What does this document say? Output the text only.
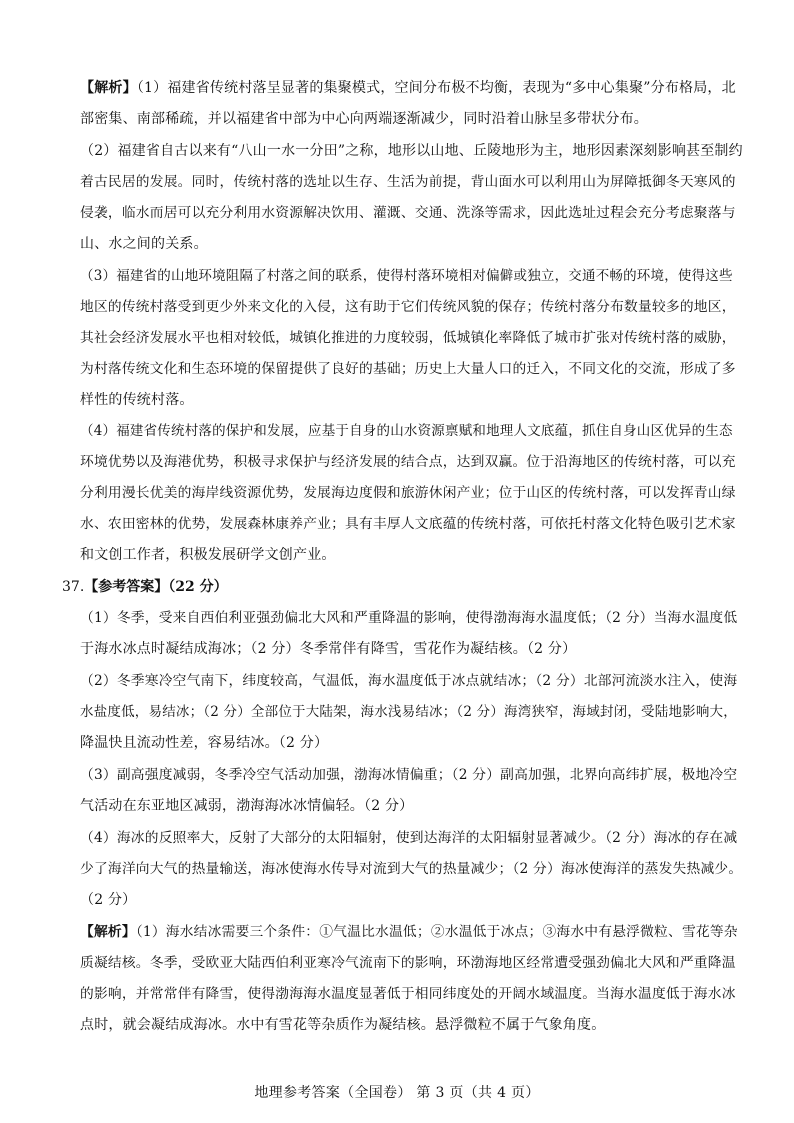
【解析】（1）福建省传统村落呈显著的集聚模式，空间分布极不均衡，表现为“多中心集聚”分布格局，北
部密集、南部稀疏，并以福建省中部为中心向两端逐渐减少，同时沿着山脉呈多带状分布。
（2）福建省自古以来有“八山一水一分田”之称，地形以山地、丘陵地形为主，地形因素深刻影响甚至制约
着古民居的发展。同时，传统村落的选址以生存、生活为前提，背山面水可以利用山为屏障抵御冬天寒风的
侵袭，临水而居可以充分利用水资源解决饮用、灌溉、交通、洗涤等需求，因此选址过程会充分考虑聚落与
山、水之间的关系。
（3）福建省的山地环境阻隔了村落之间的联系，使得村落环境相对偏僻或独立，交通不畅的环境，使得这些
地区的传统村落受到更少外来文化的入侵，这有助于它们传统风貌的保存；传统村落分布数量较多的地区，
其社会经济发展水平也相对较低，城镇化推进的力度较弱，低城镇化率降低了城市扩张对传统村落的威胁，
为村落传统文化和生态环境的保留提供了良好的基础；历史上大量人口的迁入，不同文化的交流，形成了多
样性的传统村落。
（4）福建省传统村落的保护和发展，应基于自身的山水资源禀赋和地理人文底蕴，抓住自身山区优异的生态
环境优势以及海港优势，积极寻求保护与经济发展的结合点，达到双赢。位于沿海地区的传统村落，可以充
分利用漫长优美的海岸线资源优势，发展海边度假和旅游休闲产业；位于山区的传统村落，可以发挥青山绿
水、农田密林的优势，发展森林康养产业；具有丰厚人文底蕴的传统村落，可依托村落文化特色吸引艺术家
和文创工作者，积极发展研学文创产业。
37.【参考答案】（22 分）
（1）冬季，受来自西伯利亚强劲偏北大风和严重降温的影响，使得渤海海水温度低；（2 分）当海水温度低
于海水冰点时凝结成海冰；（2 分）冬季常伴有降雪，雪花作为凝结核。（2 分）
（2）冬季寒冷空气南下，纬度较高，气温低，海水温度低于冰点就结冰；（2 分）北部河流淡水注入，使海
水盐度低，易结冰；（2 分）全部位于大陆架，海水浅易结冰；（2 分）海湾狭窄，海域封闭，受陆地影响大，
降温快且流动性差，容易结冰。（2 分）
（3）副高强度减弱，冬季冷空气活动加强，渤海冰情偏重；（2 分）副高加强，北界向高纬扩展，极地冷空
气活动在东亚地区减弱，渤海海冰冰情偏轻。（2 分）
（4）海冰的反照率大，反射了大部分的太阳辐射，使到达海洋的太阳辐射显著减少。（2 分）海冰的存在减
少了海洋向大气的热量输送，海冰使海水传导对流到大气的热量减少；（2 分）海冰使海洋的蒸发失热减少。
（2 分）
【解析】（1）海水结冰需要三个条件：①气温比水温低；②水温低于冰点；③海水中有悬浮微粒、雪花等杂
质凝结核。冬季，受欧亚大陆西伯利亚寒冷气流南下的影响，环渤海地区经常遭受强劲偏北大风和严重降温
的影响，并常常伴有降雪，使得渤海海水温度显著低于相同纬度处的开阔水域温度。当海水温度低于海水冰
点时，就会凝结成海冰。水中有雪花等杂质作为凝结核。悬浮微粒不属于气象角度。
地理参考答案（全国卷） 第 3 页（共 4 页）
